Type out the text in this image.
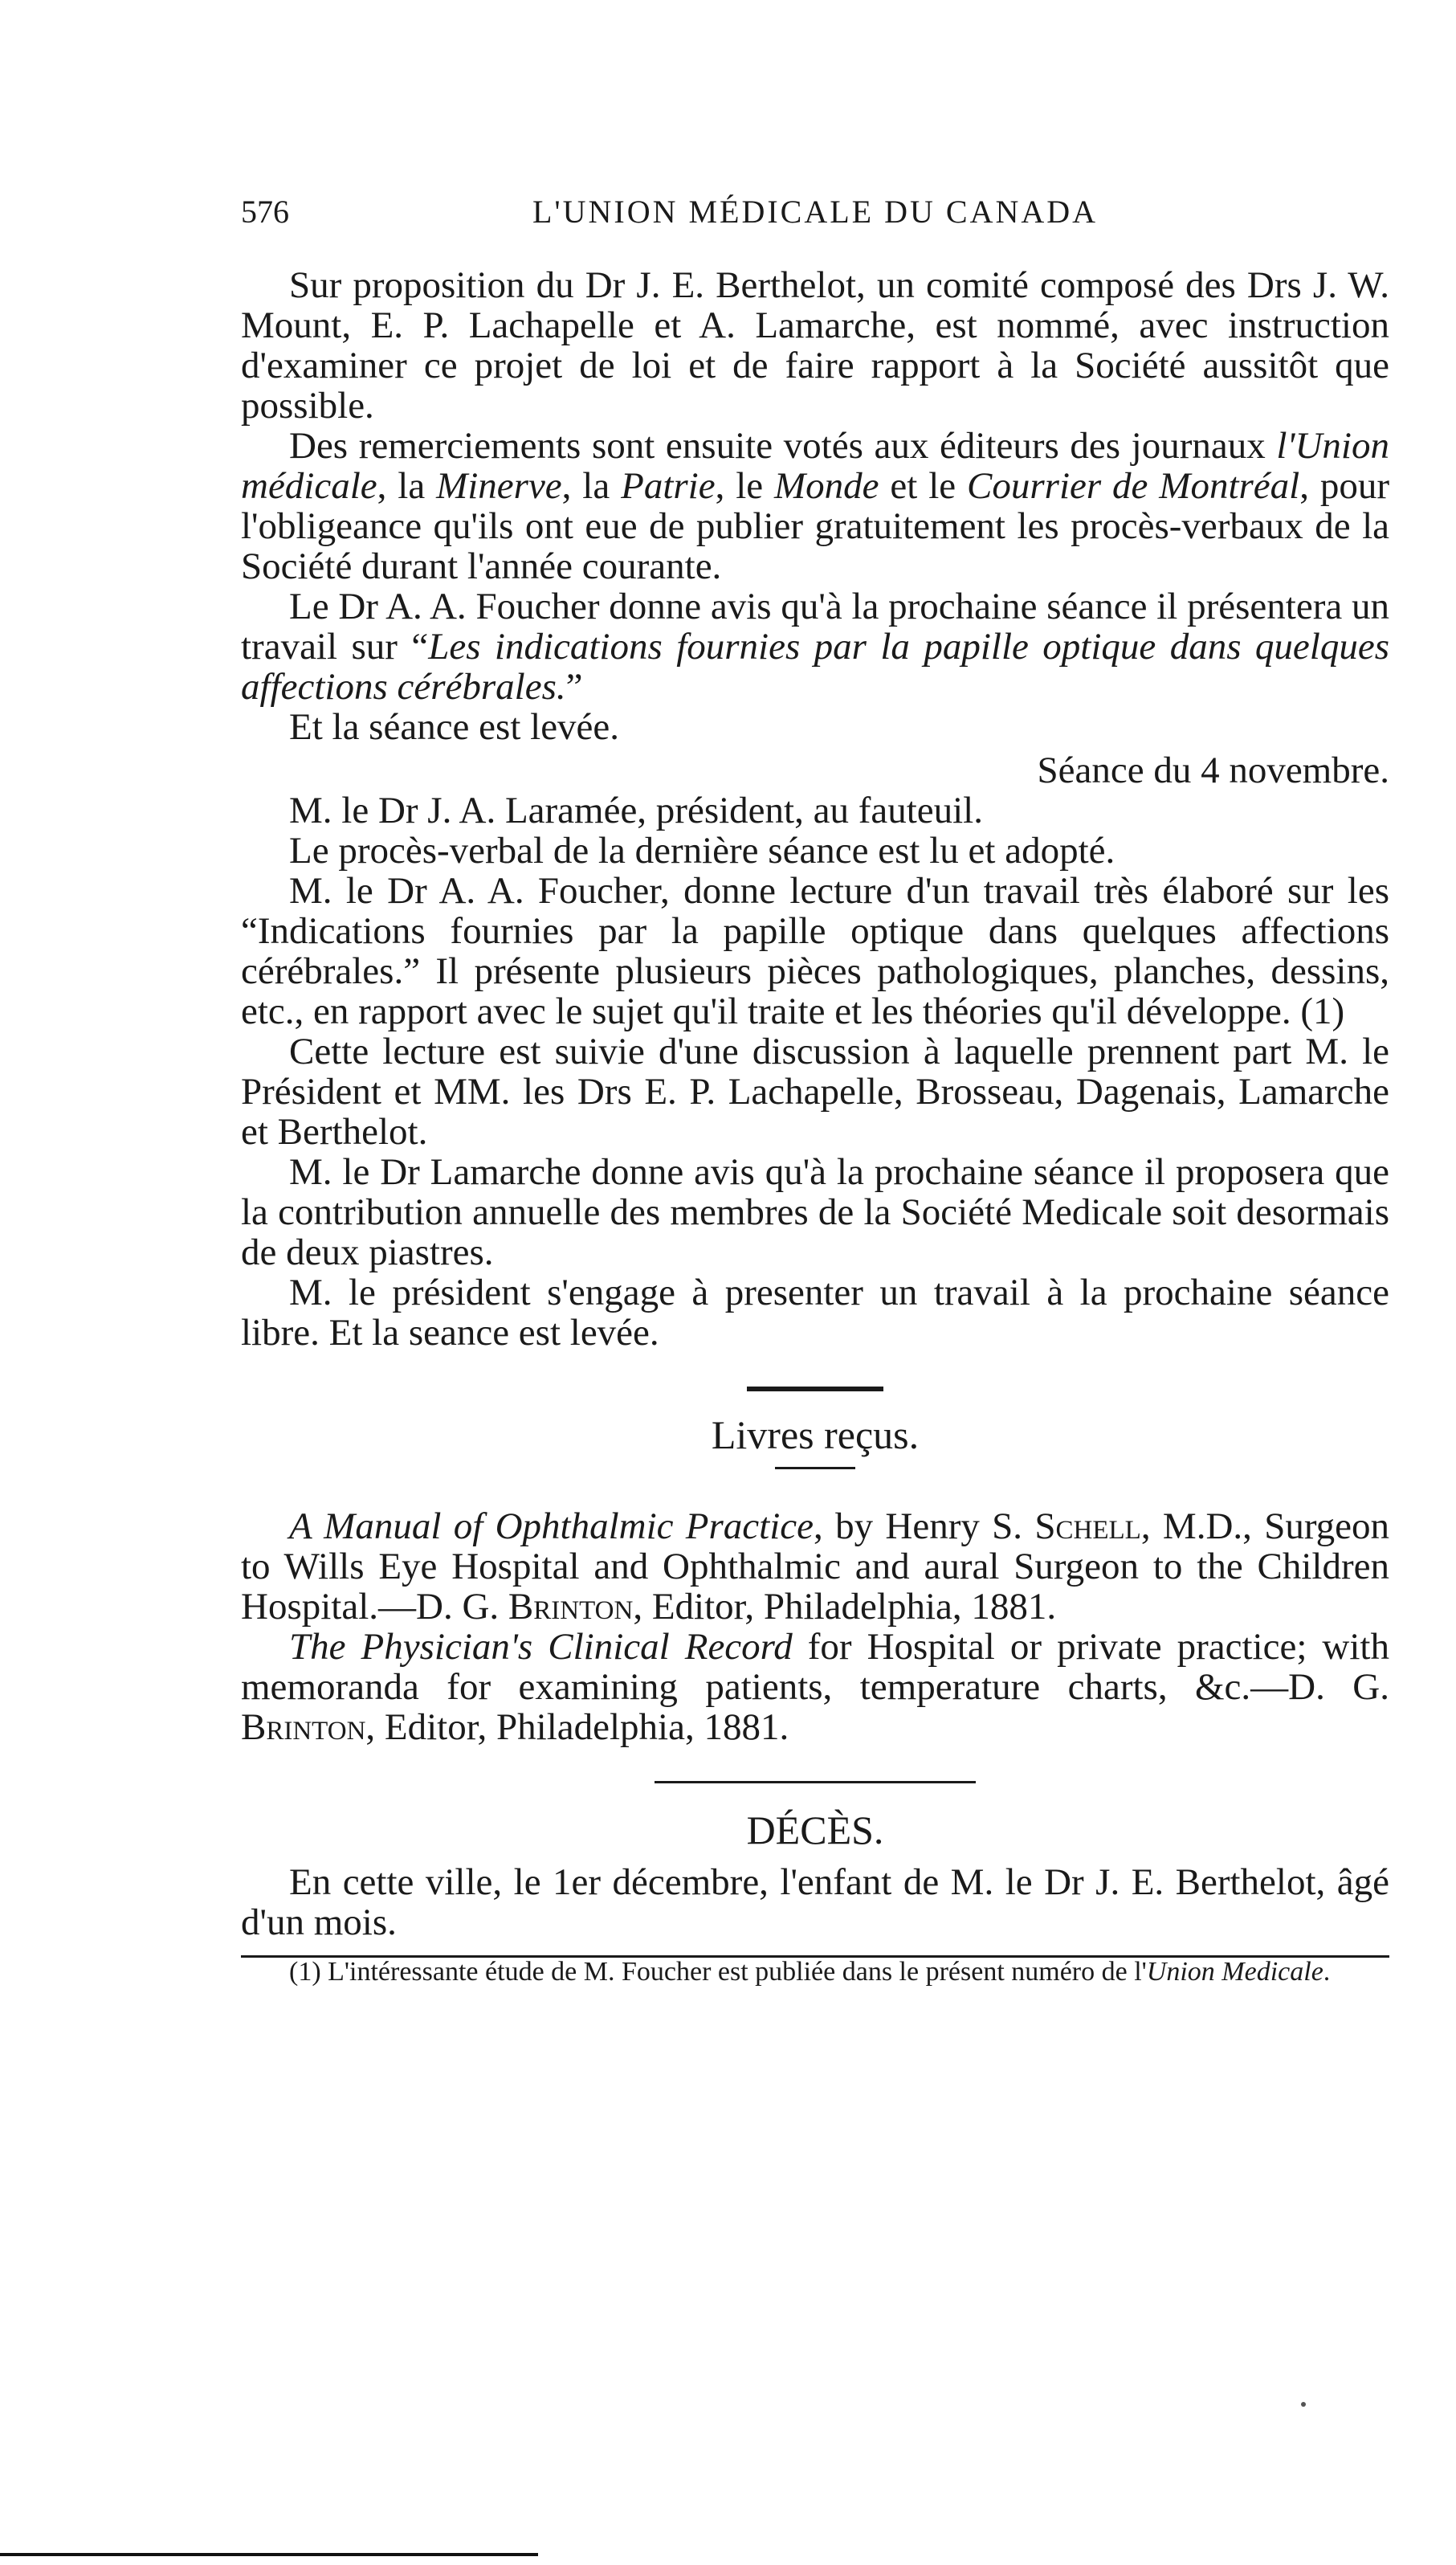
576	L'UNION MÉDICALE DU CANADA

Sur proposition du Dr J. E. Berthelot, un comité composé des Drs J. W. Mount, E. P. Lachapelle et A. Lamarche, est nommé, avec instruction d'examiner ce projet de loi et de faire rapport à la Société aussitôt que possible.

Des remerciements sont ensuite votés aux éditeurs des journaux l'Union médicale, la Minerve, la Patrie, le Monde et le Courrier de Montréal, pour l'obligeance qu'ils ont eue de publier gratuitement les procès-verbaux de la Société durant l'année courante.

Le Dr A. A. Foucher donne avis qu'à la prochaine séance il présentera un travail sur “Les indications fournies par la papille optique dans quelques affections cérébrales.”

Et la séance est levée.

Séance du 4 novembre.

M. le Dr J. A. Laramée, président, au fauteuil.

Le procès-verbal de la dernière séance est lu et adopté.

M. le Dr A. A. Foucher, donne lecture d'un travail très élaboré sur les “Indications fournies par la papille optique dans quelques affections cérébrales.” Il présente plusieurs pièces pathologiques, planches, dessins, etc., en rapport avec le sujet qu'il traite et les théories qu'il développe. (1)

Cette lecture est suivie d'une discussion à laquelle prennent part M. le Président et MM. les Drs E. P. Lachapelle, Brosseau, Dagenais, Lamarche et Berthelot.

M. le Dr Lamarche donne avis qu'à la prochaine séance il proposera que la contribution annuelle des membres de la Société Medicale soit desormais de deux piastres.

M. le président s'engage à presenter un travail à la prochaine séance libre. Et la seance est levée.

Livres reçus.

A Manual of Ophthalmic Practice, by Henry S. Schell, M.D., Surgeon to Wills Eye Hospital and Ophthalmic and aural Surgeon to the Children Hospital.—D. G. Brinton, Editor, Philadelphia, 1881.

The Physician's Clinical Record for Hospital or private practice; with memoranda for examining patients, temperature charts, &c.—D. G. Brinton, Editor, Philadelphia, 1881.

DÉCÈS.

En cette ville, le 1er décembre, l'enfant de M. le Dr J. E. Berthelot, âgé d'un mois.

(1) L'intéressante étude de M. Foucher est publiée dans le présent numéro de l'Union Medicale.
